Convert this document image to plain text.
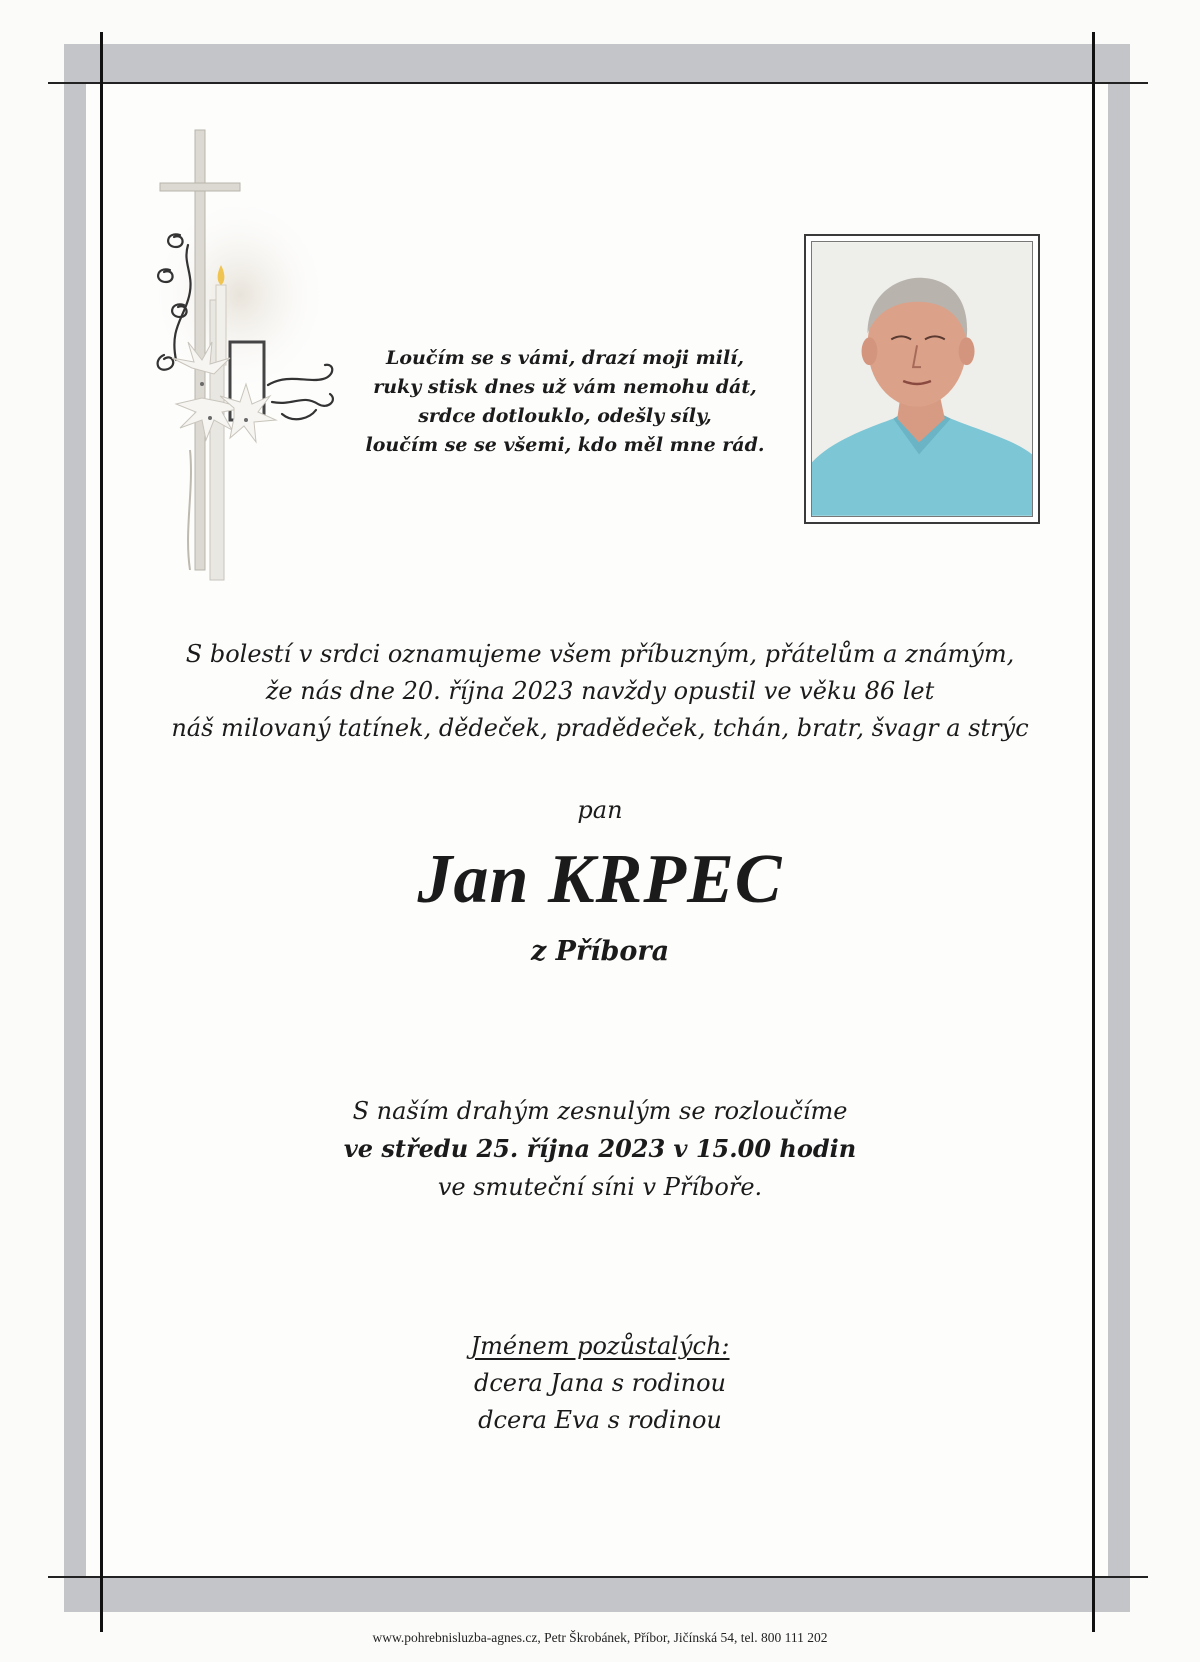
Loučím se s vámi, drazí moji milí,
ruky stisk dnes už vám nemohu dát,
srdce dotlouklo, odešly síly,
loučím se se všemi, kdo měl mne rád.
S bolestí v srdci oznamujeme všem příbuzným, přátelům a známým,
že nás dne 20. října 2023 navždy opustil ve věku 86 let
náš milovaný tatínek, dědeček, pradědeček, tchán, bratr, švagr a strýc
pan
Jan KRPEC
z Příbora
S naším drahým zesnulým se rozloučíme
ve středu 25. října 2023 v 15.00 hodin
ve smuteční síni v Příboře.
Jménem pozůstalých:
dcera Jana s rodinou
dcera Eva s rodinou
www.pohrebnisluzba-agnes.cz, Petr Škrobánek, Příbor, Jičínská 54, tel. 800 111 202
